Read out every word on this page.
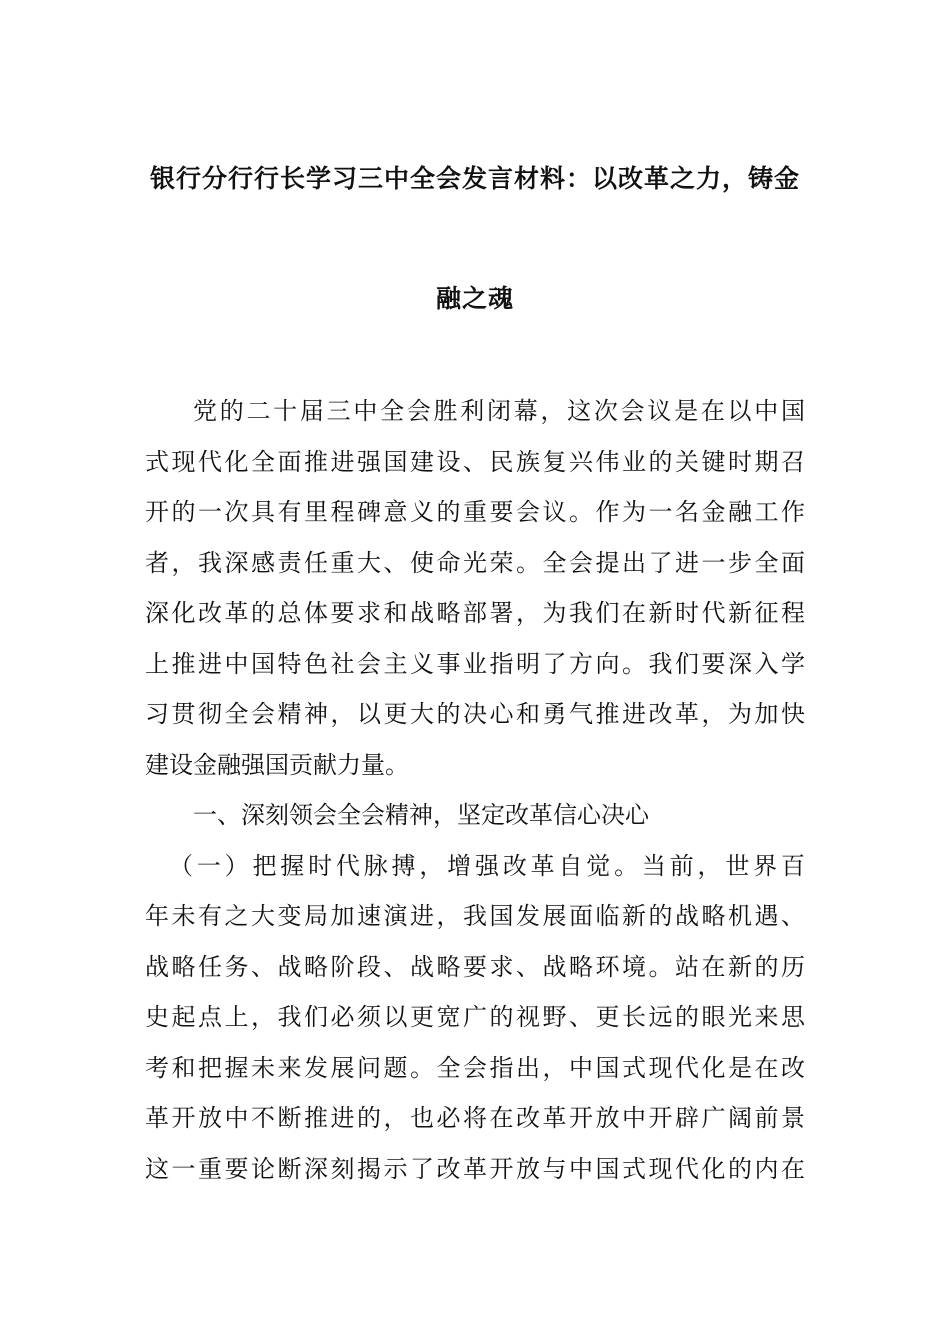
银行分行行长学习三中全会发言材料：以改革之力，铸金
融之魂
党的二十届三中全会胜利闭幕，这次会议是在以中国
式现代化全面推进强国建设、民族复兴伟业的关键时期召
开的一次具有里程碑意义的重要会议。作为一名金融工作
者，我深感责任重大、使命光荣。全会提出了进一步全面
深化改革的总体要求和战略部署，为我们在新时代新征程
上推进中国特色社会主义事业指明了方向。我们要深入学
习贯彻全会精神，以更大的决心和勇气推进改革，为加快
建设金融强国贡献力量。
一、深刻领会全会精神，坚定改革信心决心
（一）把握时代脉搏，增强改革自觉。当前，世界百
年未有之大变局加速演进，我国发展面临新的战略机遇、
战略任务、战略阶段、战略要求、战略环境。站在新的历
史起点上，我们必须以更宽广的视野、更长远的眼光来思
考和把握未来发展问题。全会指出，中国式现代化是在改
革开放中不断推进的，也必将在改革开放中开辟广阔前景
这一重要论断深刻揭示了改革开放与中国式现代化的内在
